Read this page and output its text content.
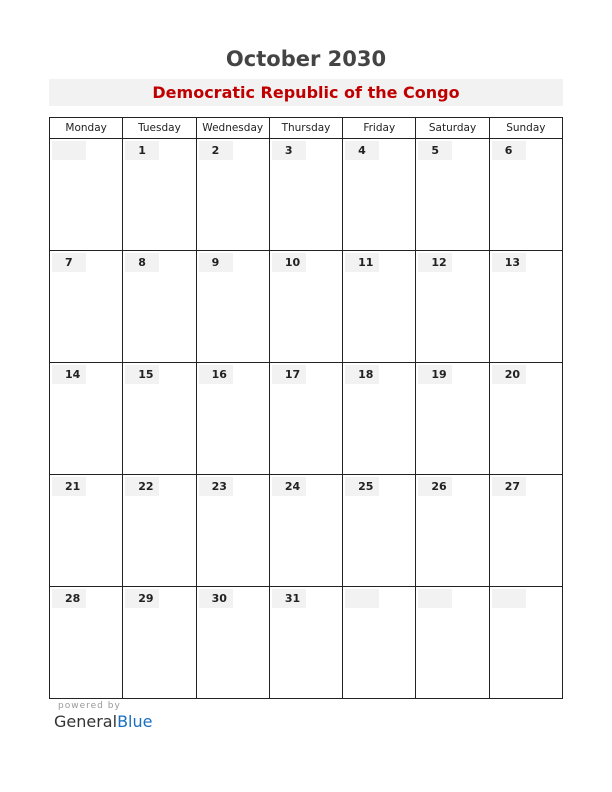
October 2030
Democratic Republic of the Congo
Monday	Tuesday	Wednesday	Thursday	Friday	Saturday	Sunday

	1	2	3	4	5	6

7	8	9	10	11	12	13

14	15	16	17	18	19	20

21	22	23	24	25	26	27

28	29	30	31			

powered by
GeneralBlue
